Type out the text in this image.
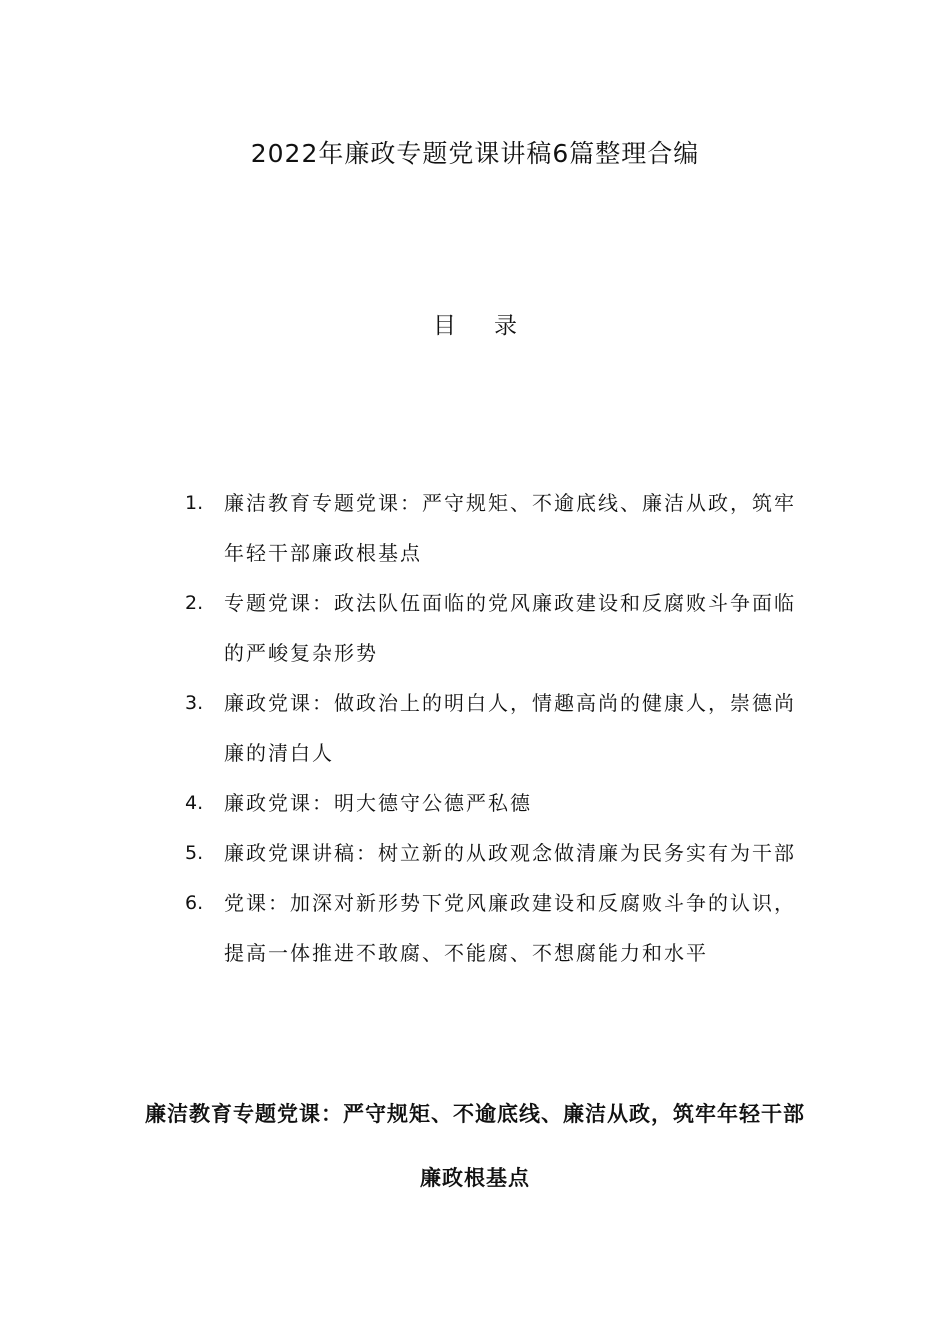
2022年廉政专题党课讲稿6篇整理合编
目 录
1. 廉洁教育专题党课：严守规矩、不逾底线、廉洁从政，筑牢年轻干部廉政根基点
2. 专题党课：政法队伍面临的党风廉政建设和反腐败斗争面临的严峻复杂形势
3. 廉政党课：做政治上的明白人，情趣高尚的健康人，崇德尚廉的清白人
4. 廉政党课：明大德守公德严私德
5. 廉政党课讲稿：树立新的从政观念做清廉为民务实有为干部
6. 党课：加深对新形势下党风廉政建设和反腐败斗争的认识，提高一体推进不敢腐、不能腐、不想腐能力和水平
廉洁教育专题党课：严守规矩、不逾底线、廉洁从政，筑牢年轻干部廉政根基点
